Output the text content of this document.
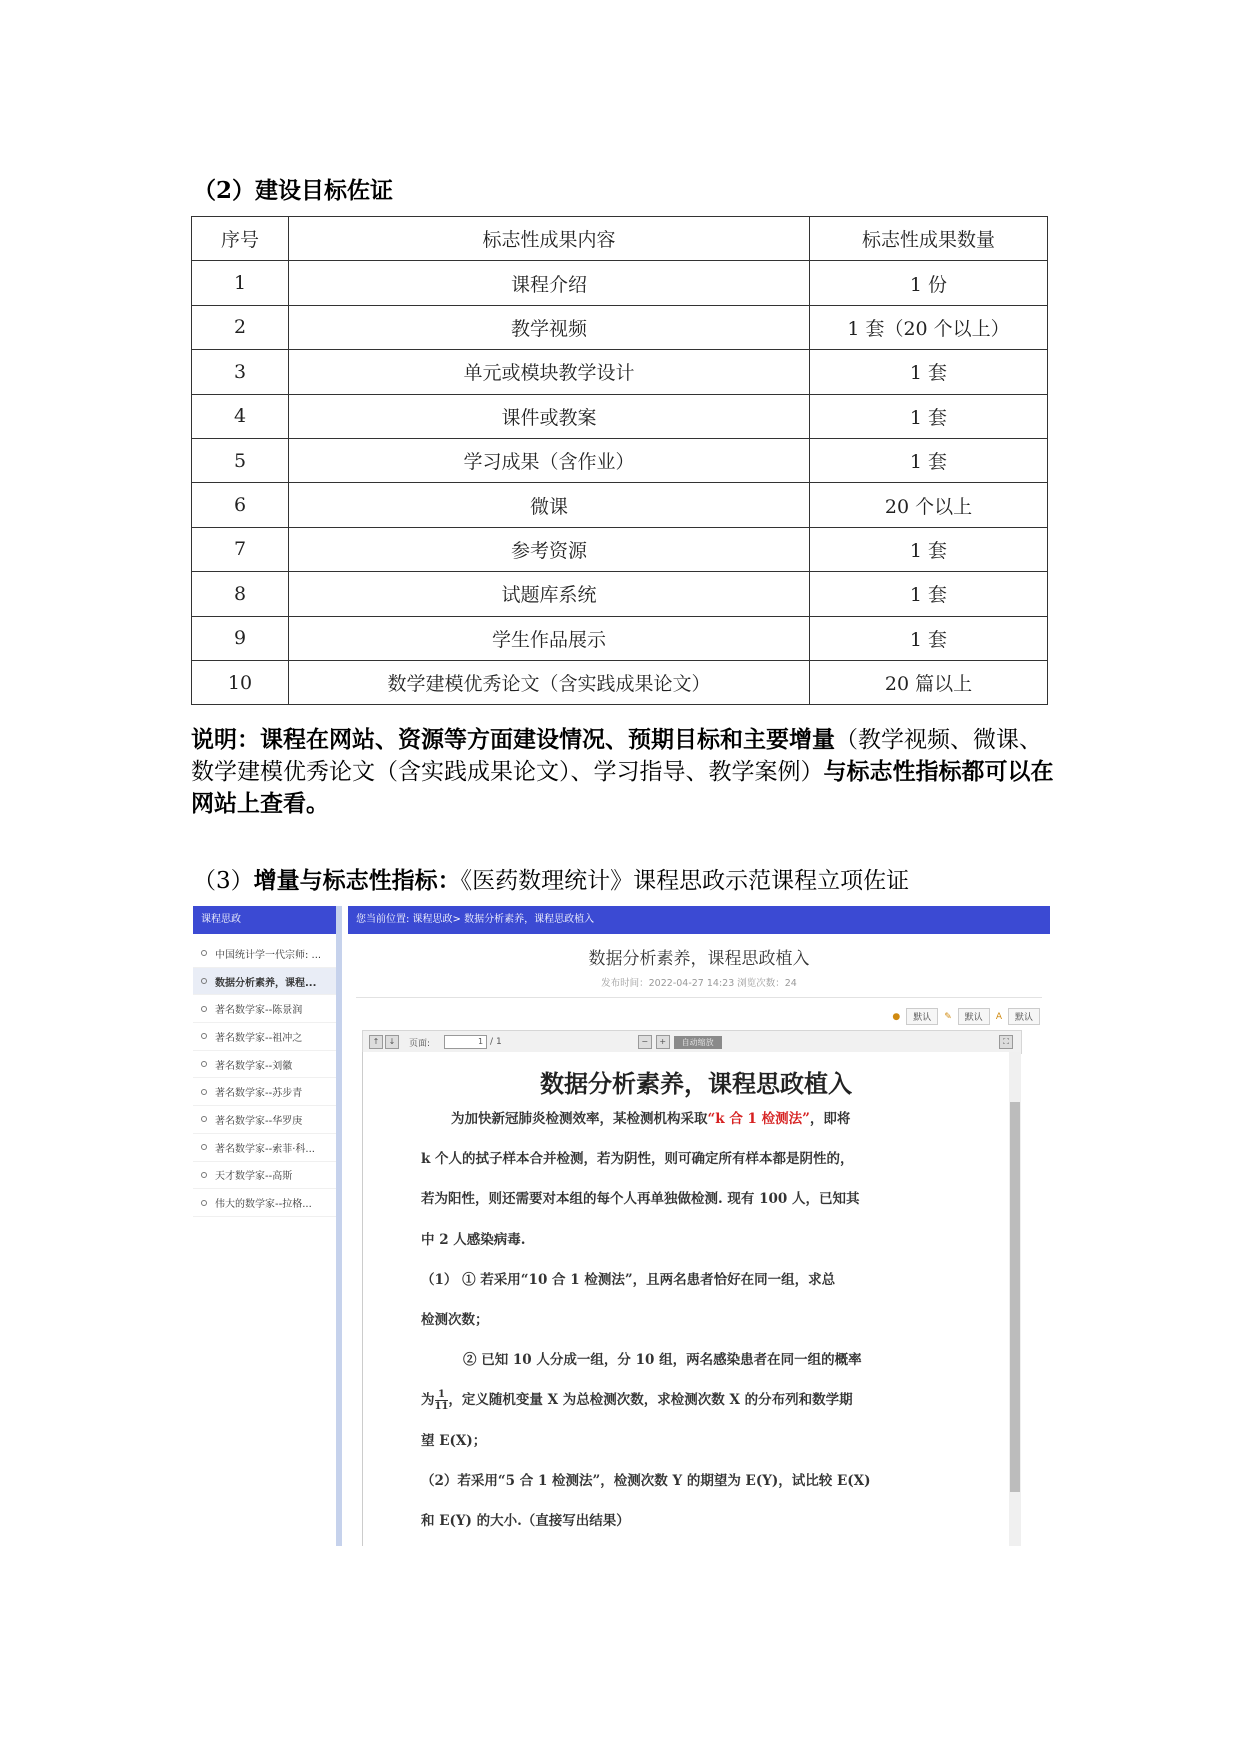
（2）建设目标佐证
序号	标志性成果内容	标志性成果数量
1	课程介绍	1 份
2	教学视频	1 套（20 个以上）
3	单元或模块教学设计	1 套
4	课件或教案	1 套
5	学习成果（含作业）	1 套
6	微课	20 个以上
7	参考资源	1 套
8	试题库系统	1 套
9	学生作品展示	1 套
10	数学建模优秀论文（含实践成果论文）	20 篇以上
说明：课程在网站、资源等方面建设情况、预期目标和主要增量（教学视频、微课、数学建模优秀论文（含实践成果论文）、学习指导、教学案例）与标志性指标都可以在网站上查看。
（3）增量与标志性指标：《医药数理统计》课程思政示范课程立项佐证
课程思政
中国统计学一代宗师: ...
数据分析素养，课程...
著名数学家--陈景润
著名数学家--祖冲之
著名数学家--刘徽
著名数学家--苏步青
著名数学家--华罗庚
著名数学家--索菲·科...
天才数学家--高斯
伟大的数学家--拉格...
您当前位置: 课程思政> 数据分析素养，课程思政植入
数据分析素养，课程思政植入
发布时间：2022-04-27 14:23 浏览次数：24
●	默认	✎	默认	A	默认
↑	↓	页面:	1 / 1	−	+	自动缩放	⛶
数据分析素养，课程思政植入

为加快新冠肺炎检测效率，某检测机构采取“k 合 1 检测法”，即将

k 个人的拭子样本合并检测，若为阴性，则可确定所有样本都是阴性的，

若为阳性，则还需要对本组的每个人再单独做检测. 现有 100 人，已知其

中 2 人感染病毒.

（1） ① 若采用“10 合 1 检测法”，且两名患者恰好在同一组，求总

检测次数；

② 已知 10 人分成一组，分 10 组，两名感染患者在同一组的概率

为 $\frac{1}{11}$ ，定义随机变量 X 为总检测次数，求检测次数 X 的分布列和数学期

望 E(X)；

（2）若采用“5 合 1 检测法”，检测次数 Y 的期望为 E(Y)，试比较 E(X)

和 E(Y) 的大小.（直接写出结果）
